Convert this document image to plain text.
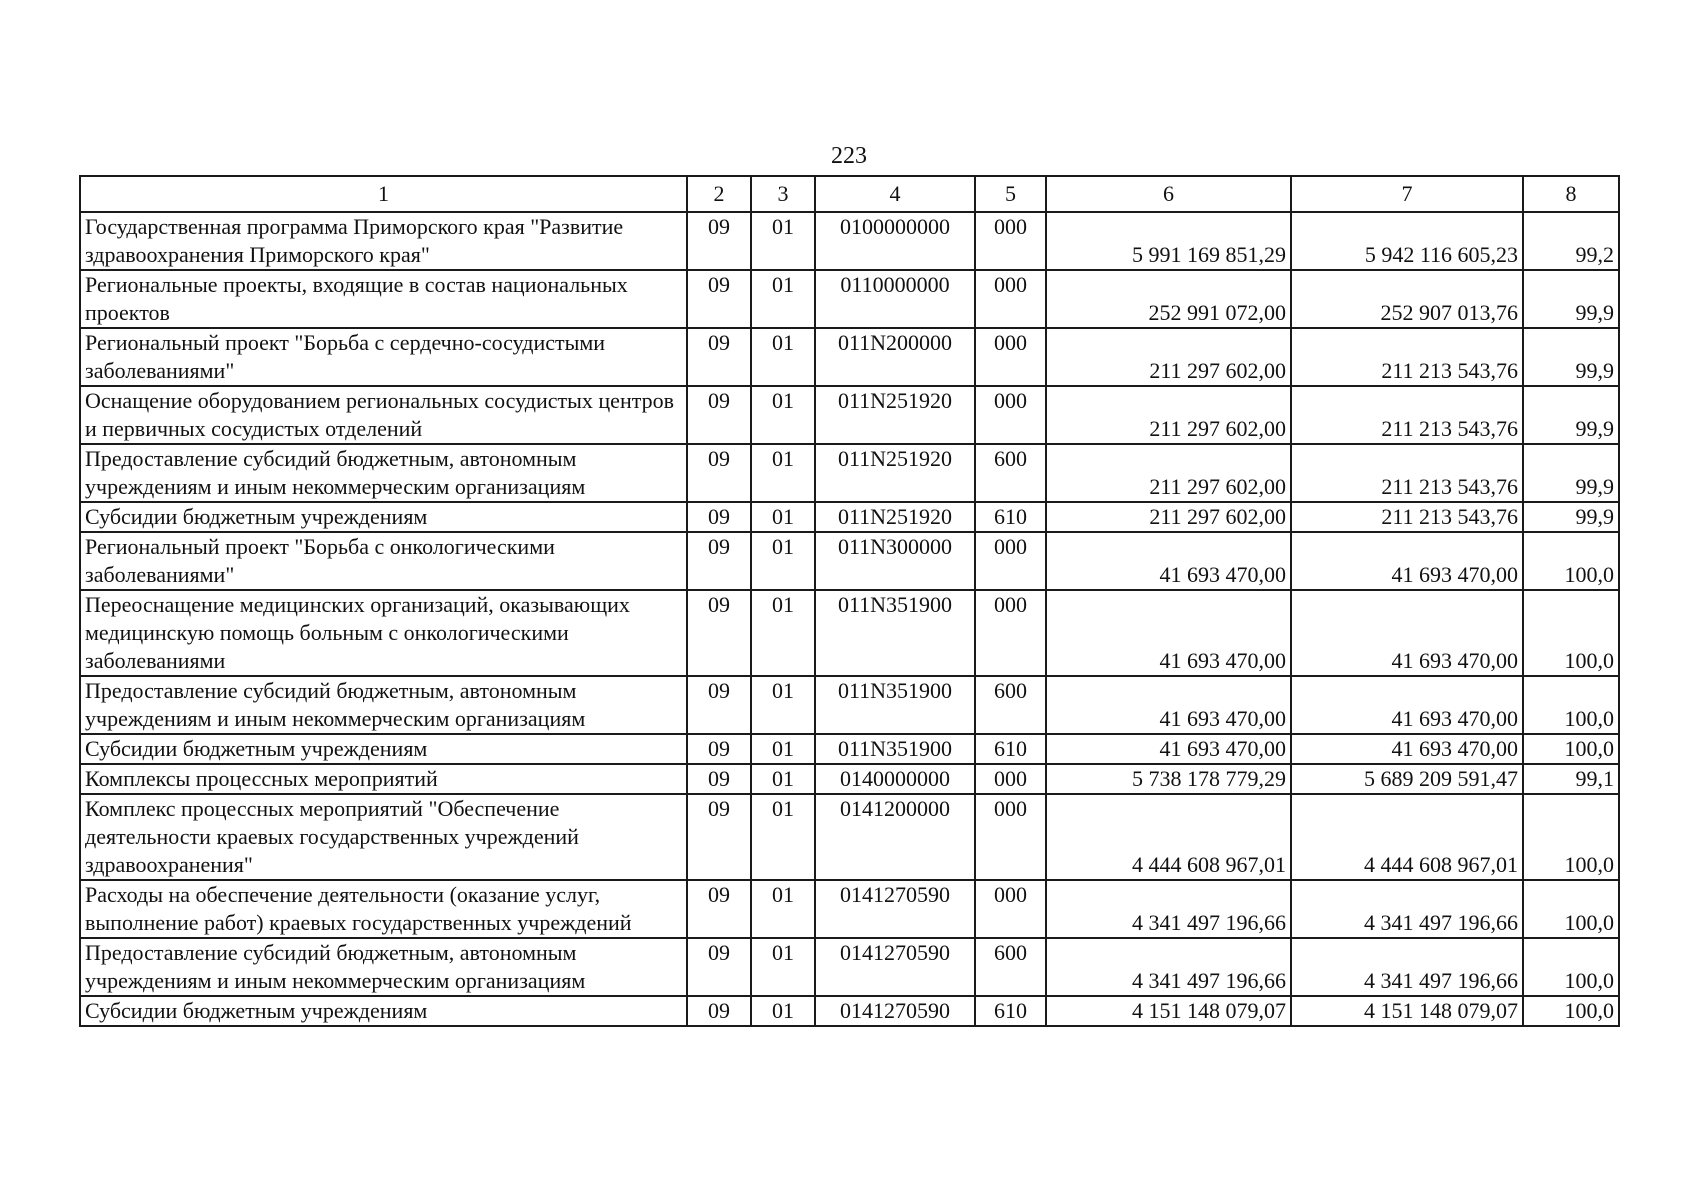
223
1	2	3	4	5	6	7	8
Государственная программа Приморского края "Развитие здравоохранения Приморского края"	09	01	0100000000	000	5 991 169 851,29	5 942 116 605,23	99,2
Региональные проекты, входящие в состав национальных проектов	09	01	0110000000	000	252 991 072,00	252 907 013,76	99,9
Региональный проект "Борьба с сердечно-сосудистыми заболеваниями"	09	01	011N200000	000	211 297 602,00	211 213 543,76	99,9
Оснащение оборудованием региональных сосудистых центров и первичных сосудистых отделений	09	01	011N251920	000	211 297 602,00	211 213 543,76	99,9
Предоставление субсидий бюджетным, автономным учреждениям и иным некоммерческим организациям	09	01	011N251920	600	211 297 602,00	211 213 543,76	99,9
Субсидии бюджетным учреждениям	09	01	011N251920	610	211 297 602,00	211 213 543,76	99,9
Региональный проект "Борьба с онкологическими заболеваниями"	09	01	011N300000	000	41 693 470,00	41 693 470,00	100,0
Переоснащение медицинских организаций, оказывающих медицинскую помощь больным с онкологическими заболеваниями	09	01	011N351900	000	41 693 470,00	41 693 470,00	100,0
Предоставление субсидий бюджетным, автономным учреждениям и иным некоммерческим организациям	09	01	011N351900	600	41 693 470,00	41 693 470,00	100,0
Субсидии бюджетным учреждениям	09	01	011N351900	610	41 693 470,00	41 693 470,00	100,0
Комплексы процессных мероприятий	09	01	0140000000	000	5 738 178 779,29	5 689 209 591,47	99,1
Комплекс процессных мероприятий "Обеспечение деятельности краевых государственных учреждений здравоохранения"	09	01	0141200000	000	4 444 608 967,01	4 444 608 967,01	100,0
Расходы на обеспечение деятельности (оказание услуг, выполнение работ) краевых государственных учреждений	09	01	0141270590	000	4 341 497 196,66	4 341 497 196,66	100,0
Предоставление субсидий бюджетным, автономным учреждениям и иным некоммерческим организациям	09	01	0141270590	600	4 341 497 196,66	4 341 497 196,66	100,0
Субсидии бюджетным учреждениям	09	01	0141270590	610	4 151 148 079,07	4 151 148 079,07	100,0
